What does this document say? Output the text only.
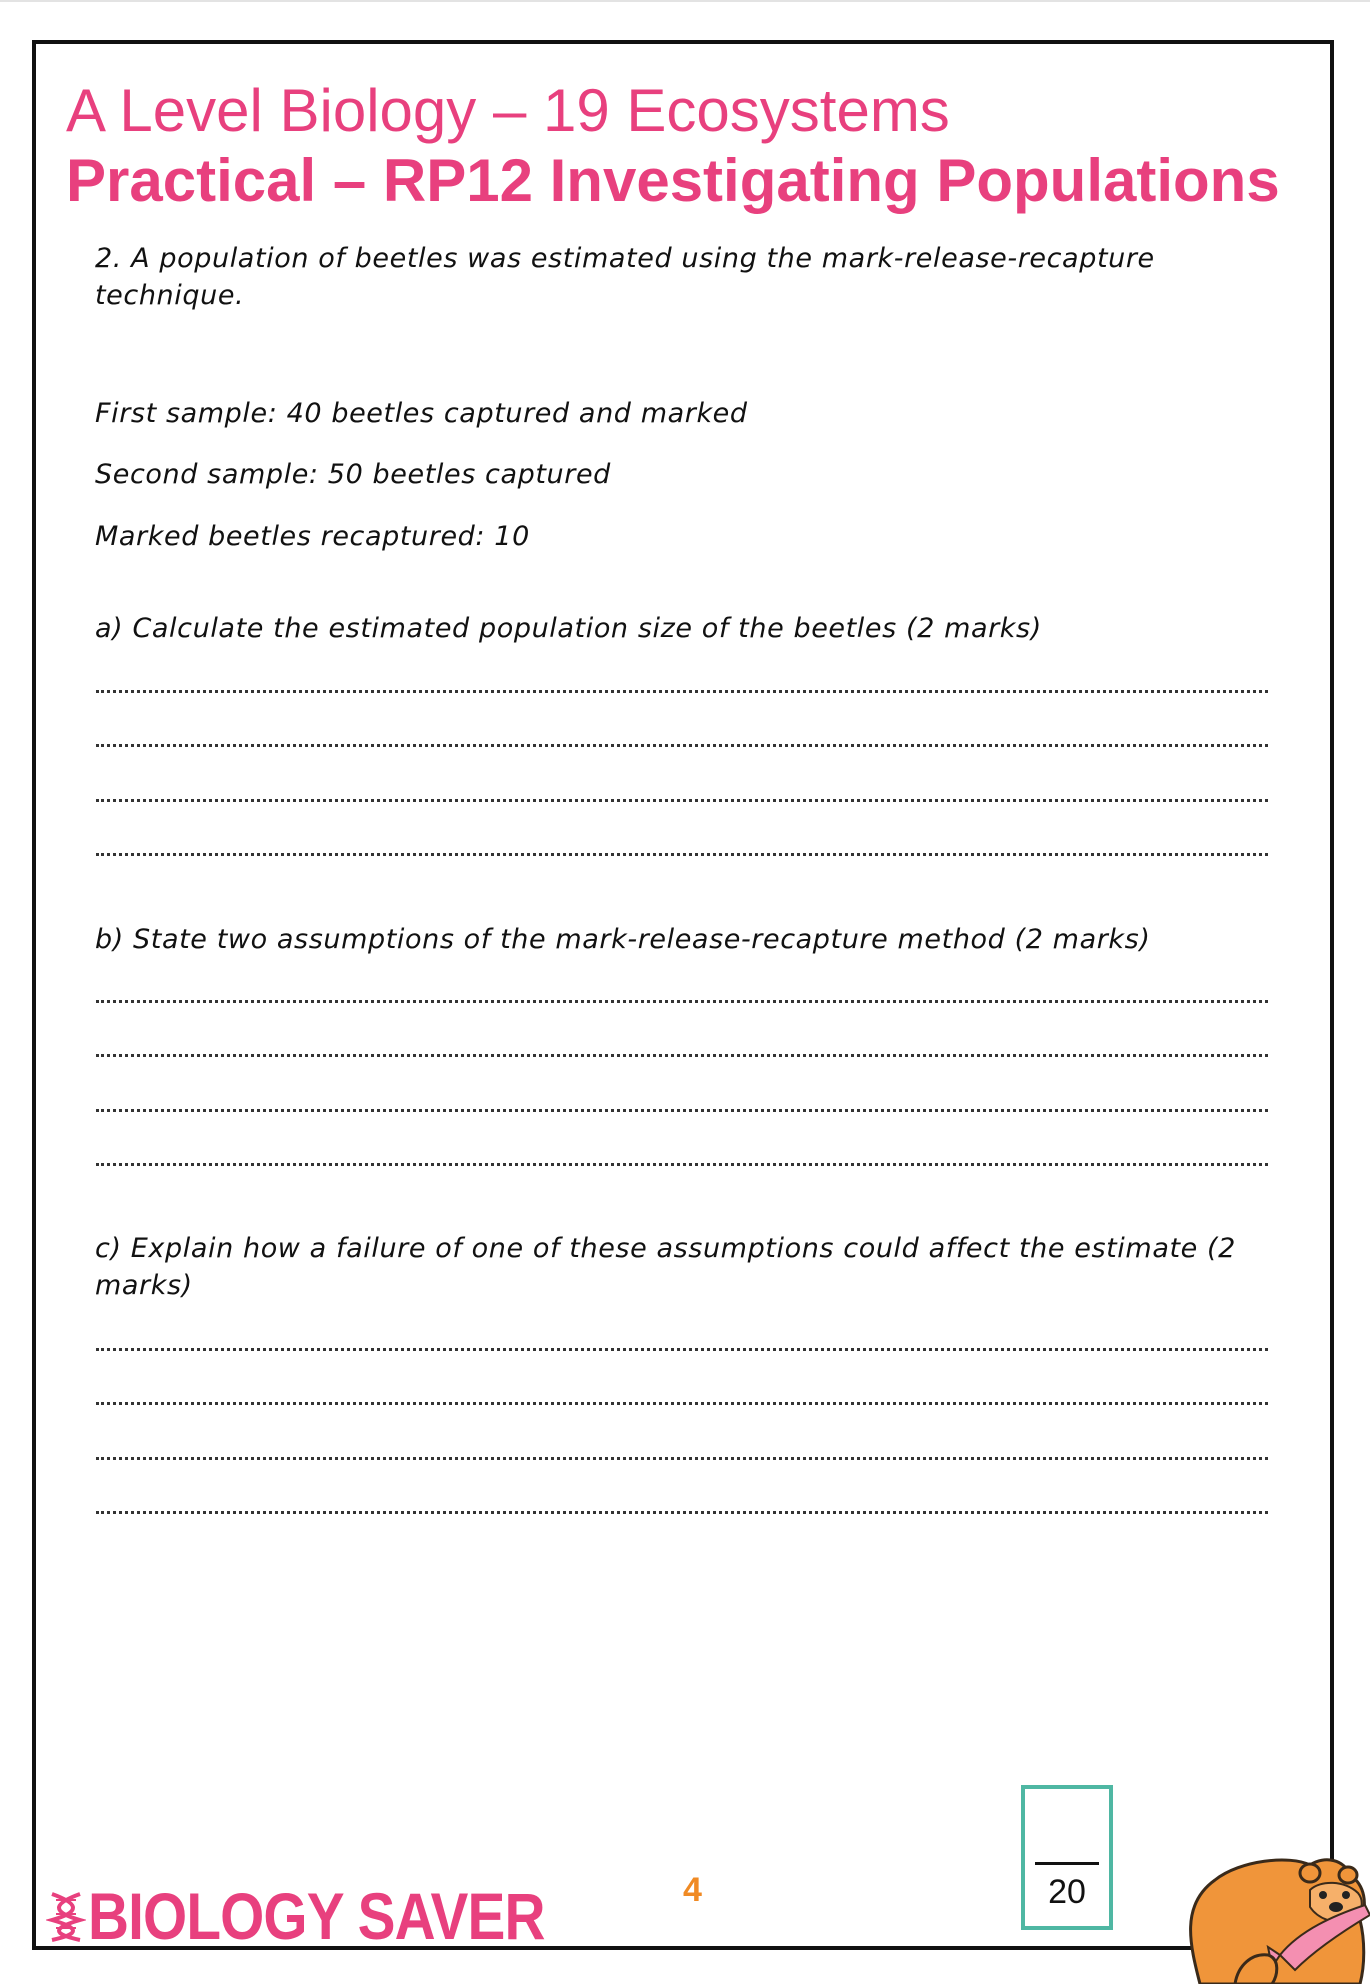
A Level Biology – 19 Ecosystems
Practical – RP12 Investigating Populations
2. A population of beetles was estimated using the mark-release-recapture technique.
First sample: 40 beetles captured and marked
Second sample: 50 beetles captured
Marked beetles recaptured: 10
a) Calculate the estimated population size of the beetles (2 marks)
b) State two assumptions of the mark-release-recapture method (2 marks)
c) Explain how a failure of one of these assumptions could affect the estimate (2 marks)
4	20
BIOLOGY SAVER
